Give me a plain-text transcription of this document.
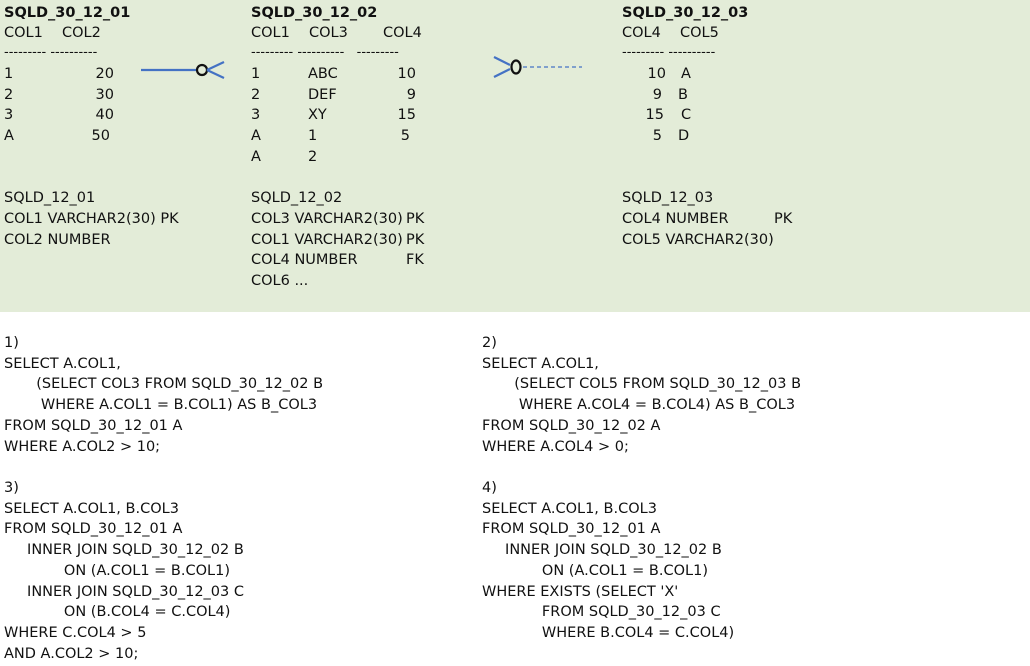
SQLD_30_12_01
COL1 COL2
--------- ----------
1	20
2	30
3	40
A	50
SQLD_12_01
COL1 VARCHAR2(30) PK
COL2 NUMBER
SQLD_30_12_02
COL1 COL3 COL4
--------- ----------   ---------
1	ABC	10
2	DEF	9
3	XY	15
A	1	5
A	2
SQLD_12_02
COL3 VARCHAR2(30) PK
COL1 VARCHAR2(30) PK
COL4 NUMBER	FK
COL6 ...
SQLD_30_12_03
COL4 COL5
--------- ----------
10 A
9 B
15 C
5 D
SQLD_12_03
COL4 NUMBER	PK
COL5 VARCHAR2(30)
1)
SELECT A.COL1,
(SELECT COL3 FROM SQLD_30_12_02 B
WHERE A.COL1 = B.COL1) AS B_COL3
FROM SQLD_30_12_01 A
WHERE A.COL2 > 10;
2)
SELECT A.COL1,
(SELECT COL5 FROM SQLD_30_12_03 B
WHERE A.COL4 = B.COL4) AS B_COL3
FROM SQLD_30_12_02 A
WHERE A.COL4 > 0;
3)
SELECT A.COL1, B.COL3
FROM SQLD_30_12_01 A
INNER JOIN SQLD_30_12_02 B
ON (A.COL1 = B.COL1)
INNER JOIN SQLD_30_12_03 C
ON (B.COL4 = C.COL4)
WHERE C.COL4 > 5
AND A.COL2 > 10;
4)
SELECT A.COL1, B.COL3
FROM SQLD_30_12_01 A
INNER JOIN SQLD_30_12_02 B
ON (A.COL1 = B.COL1)
WHERE EXISTS (SELECT 'X'
FROM SQLD_30_12_03 C
WHERE B.COL4 = C.COL4)
